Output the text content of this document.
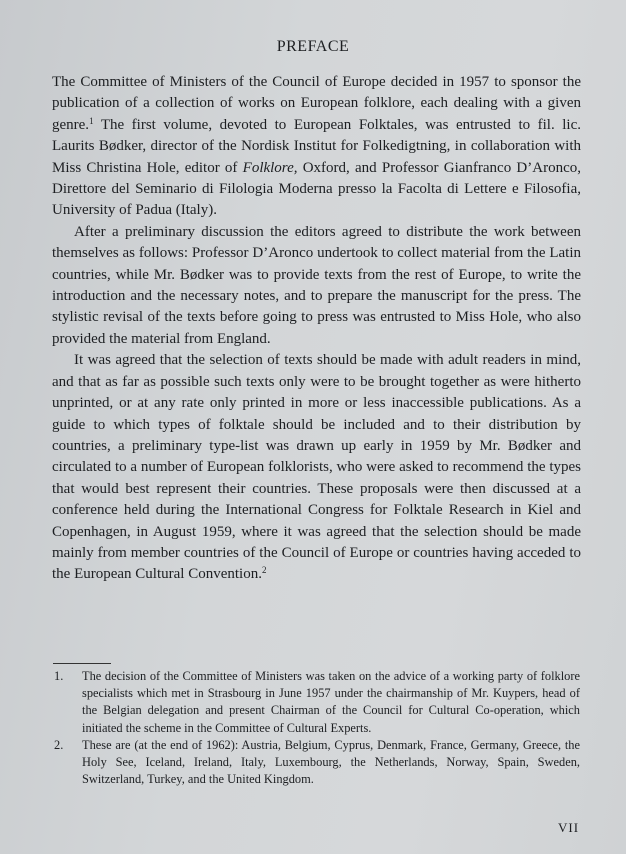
PREFACE

The Committee of Ministers of the Council of Europe decided in 1957 to sponsor the publication of a collection of works on European folklore, each dealing with a given genre.$^1$ The first volume, devoted to European Folktales, was entrusted to fil. lic. Laurits Bødker, director of the Nordisk Institut for Folkedigtning, in collaboration with Miss Christina Hole, editor of Folklore, Oxford, and Professor Gianfranco D’Aronco, Direttore del Seminario di Filologia Moderna presso la Facolta di Lettere e Filosofia, University of Padua (Italy).

After a preliminary discussion the editors agreed to distribute the work between themselves as follows: Professor D’Aronco undertook to collect material from the Latin countries, while Mr. Bødker was to provide texts from the rest of Europe, to write the introduction and the necessary notes, and to prepare the manuscript for the press. The stylistic revisal of the texts before going to press was entrusted to Miss Hole, who also provided the material from England.

It was agreed that the selection of texts should be made with adult readers in mind, and that as far as possible such texts only were to be brought together as were hitherto unprinted, or at any rate only printed in more or less inaccessible publications. As a guide to which types of folktale should be included and to their distribution by countries, a preliminary type-list was drawn up early in 1959 by Mr. Bødker and circulated to a number of European folklorists, who were asked to recommend the types that would best represent their countries. These proposals were then discussed at a conference held during the International Congress for Folktale Research in Kiel and Copenhagen, in August 1959, where it was agreed that the selection should be made mainly from member countries of the Council of Europe or countries having acceded to the European Cultural Convention.$^2$

1.	The decision of the Committee of Ministers was taken on the advice of a working party of folklore specialists which met in Strasbourg in June 1957 under the chairmanship of Mr. Kuypers, head of the Belgian delegation and present Chairman of the Council for Cultural Co-operation, which initiated the scheme in the Committee of Cultural Experts.
2.	These are (at the end of 1962): Austria, Belgium, Cyprus, Denmark, France, Germany, Greece, the Holy See, Iceland, Ireland, Italy, Luxembourg, the Netherlands, Norway, Spain, Sweden, Switzerland, Turkey, and the United Kingdom.
VII
